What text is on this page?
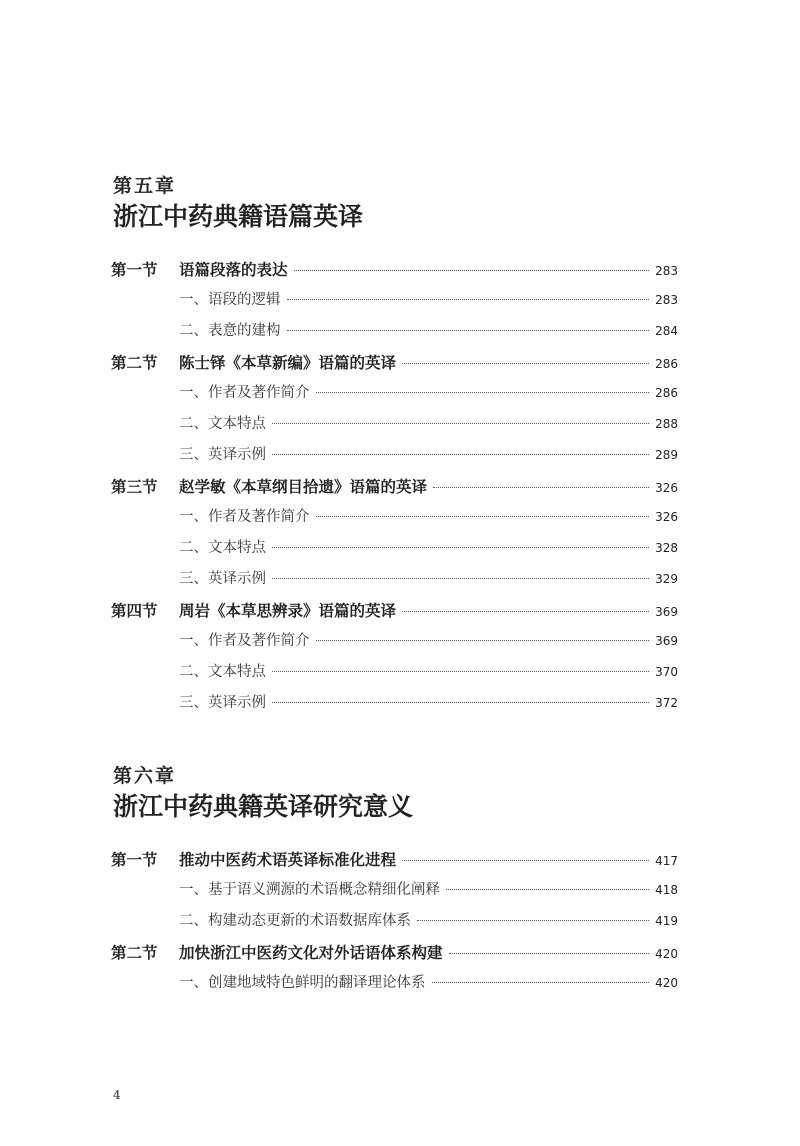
第五章
浙江中药典籍语篇英译
第一节	语篇段落的表达	283
一、语段的逻辑	283
二、表意的建构	284
第二节	陈士铎《本草新编》语篇的英译	286
一、作者及著作简介	286
二、文本特点	288
三、英译示例	289
第三节	赵学敏《本草纲目拾遗》语篇的英译	326
一、作者及著作简介	326
二、文本特点	328
三、英译示例	329
第四节	周岩《本草思辨录》语篇的英译	369
一、作者及著作简介	369
二、文本特点	370
三、英译示例	372
第六章
浙江中药典籍英译研究意义
第一节	推动中医药术语英译标准化进程	417
一、基于语义溯源的术语概念精细化阐释	418
二、构建动态更新的术语数据库体系	419
第二节	加快浙江中医药文化对外话语体系构建	420
一、创建地域特色鲜明的翻译理论体系	420
4
